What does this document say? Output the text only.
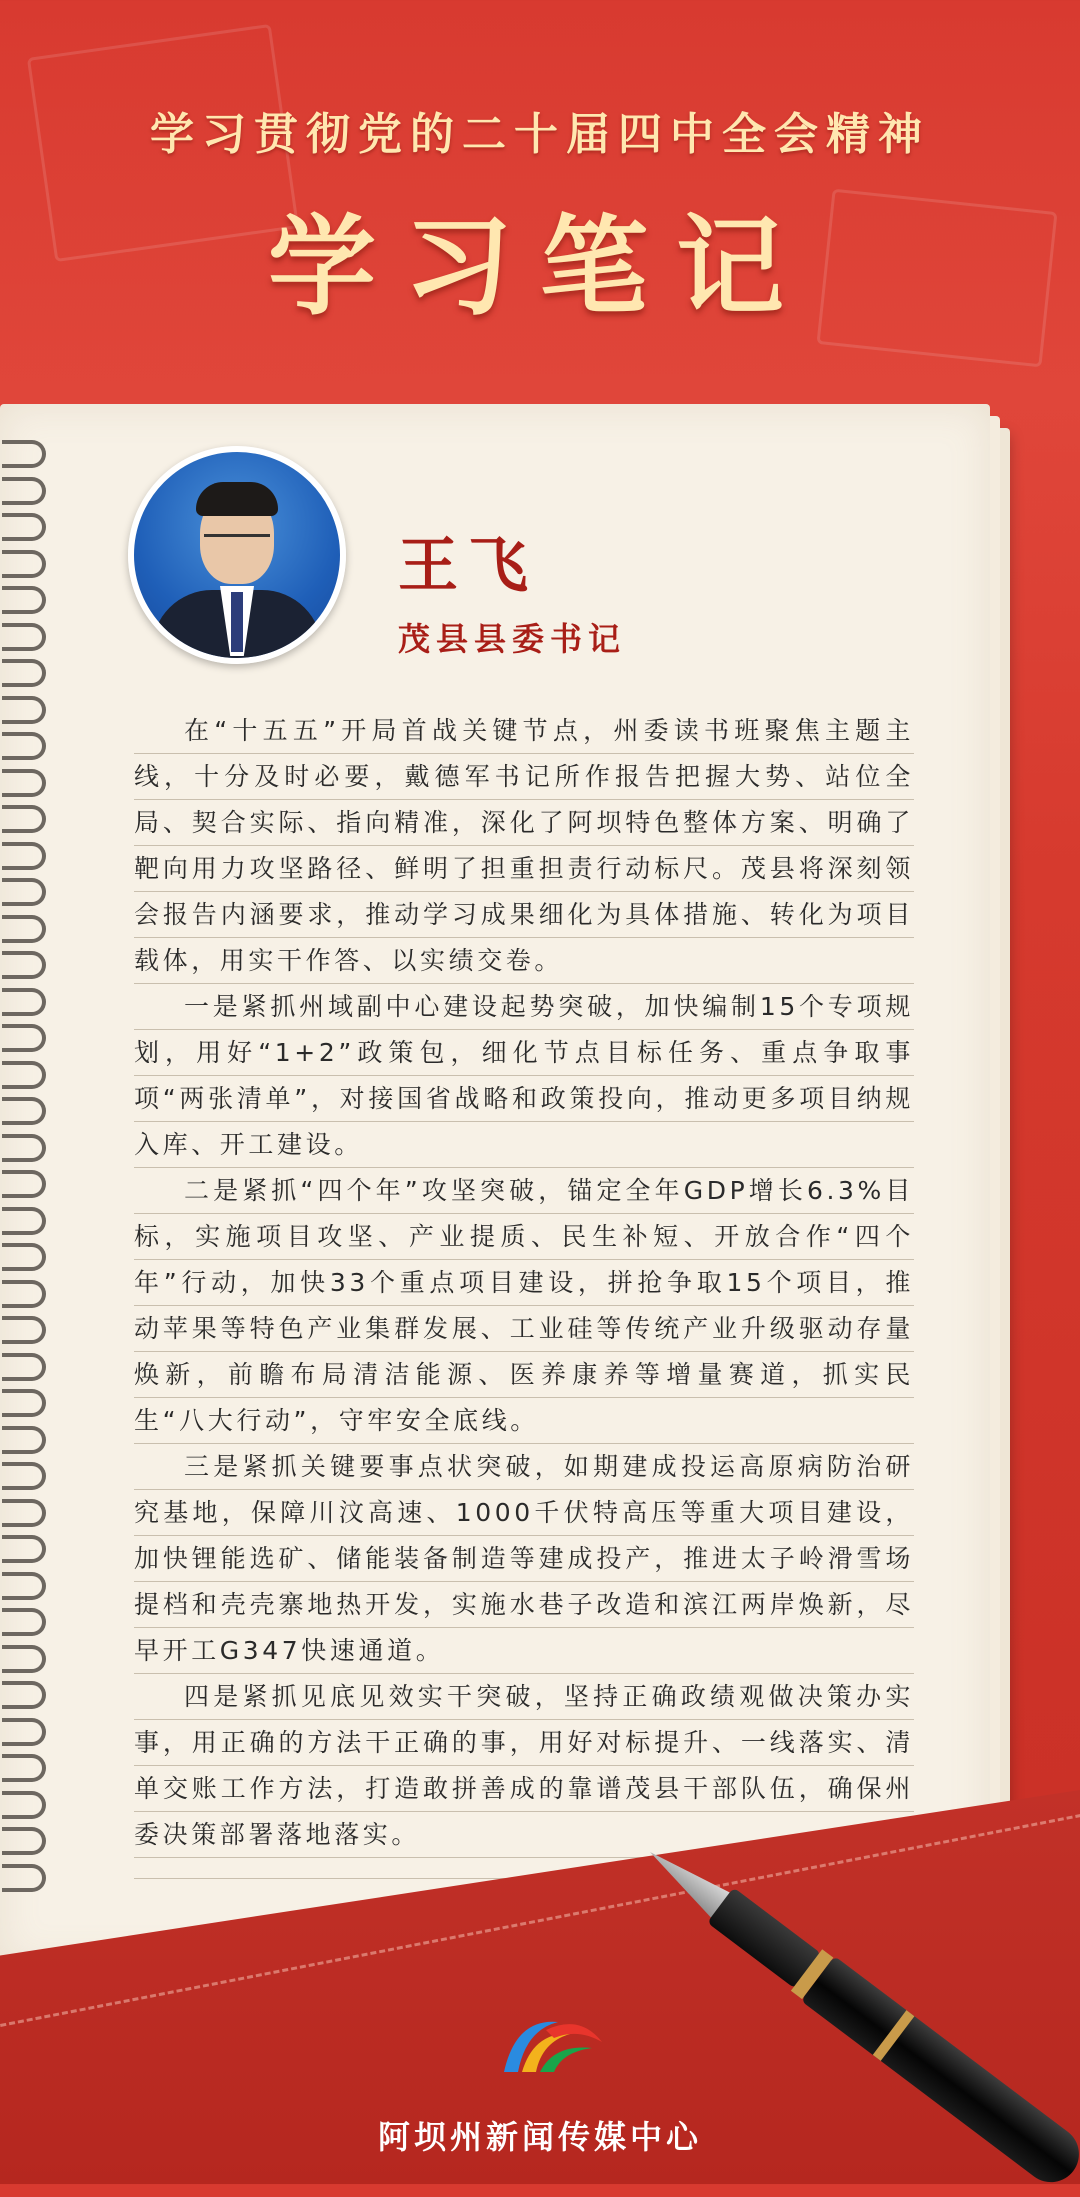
学习贯彻党的二十届四中全会精神
学习笔记
王飞
茂县县委书记

在“十五五”开局首战关键节点，州委读书班聚焦主题主线，十分及时必要，戴德军书记所作报告把握大势、站位全局、契合实际、指向精准，深化了阿坝特色整体方案、明确了靶向用力攻坚路径、鲜明了担重担责行动标尺。茂县将深刻领会报告内涵要求，推动学习成果细化为具体措施、转化为项目载体，用实干作答、以实绩交卷。

一是紧抓州域副中心建设起势突破，加快编制15个专项规划，用好“1+2”政策包，细化节点目标任务、重点争取事项“两张清单”，对接国省战略和政策投向，推动更多项目纳规入库、开工建设。

二是紧抓“四个年”攻坚突破，锚定全年GDP增长6.3%目标，实施项目攻坚、产业提质、民生补短、开放合作“四个年”行动，加快33个重点项目建设，拼抢争取15个项目，推动苹果等特色产业集群发展、工业硅等传统产业升级驱动存量焕新，前瞻布局清洁能源、医养康养等增量赛道，抓实民生“八大行动”，守牢安全底线。

三是紧抓关键要事点状突破，如期建成投运高原病防治研究基地，保障川汶高速、1000千伏特高压等重大项目建设，加快锂能选矿、储能装备制造等建成投产，推进太子岭滑雪场提档和壳壳寨地热开发，实施水巷子改造和滨江两岸焕新，尽早开工G347快速通道。

四是紧抓见底见效实干突破，坚持正确政绩观做决策办实事，用正确的方法干正确的事，用好对标提升、一线落实、清单交账工作方法，打造敢拼善成的靠谱茂县干部队伍，确保州委决策部署落地落实。

阿坝州新闻传媒中心
